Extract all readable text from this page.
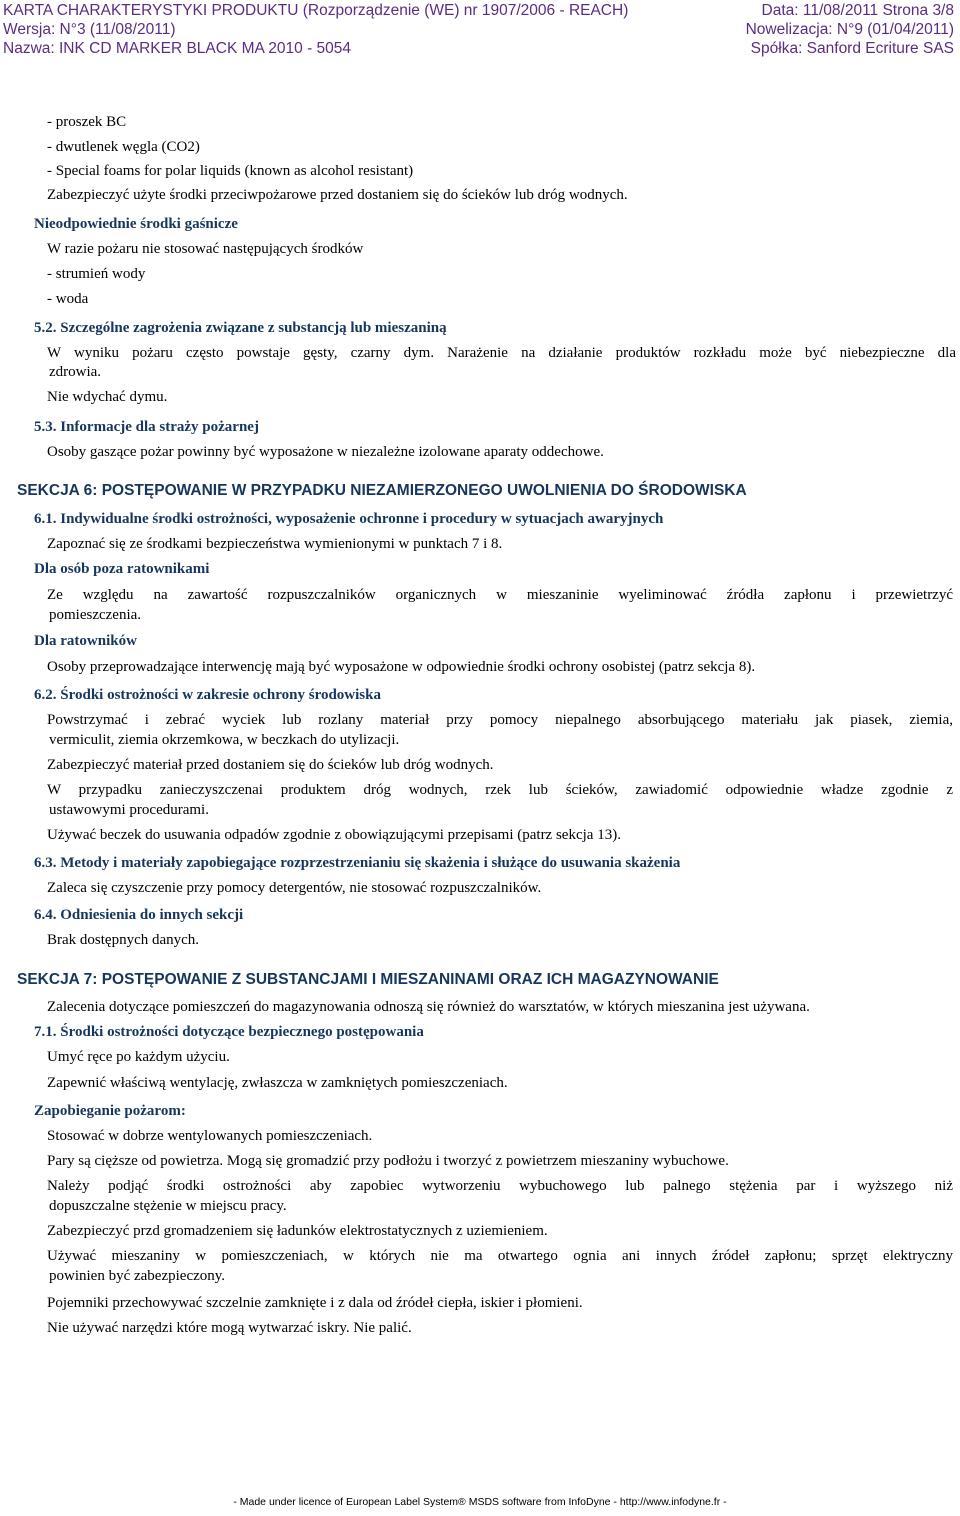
KARTA CHARAKTERYSTYKI PRODUKTU (Rozporządzenie (WE) nr 1907/2006 - REACH)	Data: 11/08/2011 Strona 3/8
Wersja: N°3 (11/08/2011)	Nowelizacja: N°9 (01/04/2011)
Nazwa: INK CD MARKER BLACK MA 2010 - 5054	Spółka: Sanford Ecriture SAS
- proszek BC
- dwutlenek węgla (CO2)
- Special foams for polar liquids (known as alcohol resistant)
Zabezpieczyć użyte środki przeciwpożarowe przed dostaniem się do ścieków lub dróg wodnych.
Nieodpowiednie środki gaśnicze
W razie pożaru nie stosować następujących środków
- strumień wody
- woda
5.2. Szczególne zagrożenia związane z substancją lub mieszaniną
W wyniku pożaru często powstaje gęsty, czarny dym. Narażenie na działanie produktów rozkładu może być niebezpieczne dla
zdrowia.
Nie wdychać dymu.
5.3. Informacje dla straży pożarnej
Osoby gaszące pożar powinny być wyposażone w niezależne izolowane aparaty oddechowe.
SEKCJA 6: POSTĘPOWANIE W PRZYPADKU NIEZAMIERZONEGO UWOLNIENIA DO ŚRODOWISKA
6.1. Indywidualne środki ostrożności, wyposażenie ochronne i procedury w sytuacjach awaryjnych
Zapoznać się ze środkami bezpieczeństwa wymienionymi w punktach 7 i 8.
Dla osób poza ratownikami
Ze względu na zawartość rozpuszczalników organicznych w mieszaninie wyeliminować źródła zapłonu i przewietrzyć
pomieszczenia.
Dla ratowników
Osoby przeprowadzające interwencję mają być wyposażone w odpowiednie środki ochrony osobistej (patrz sekcja 8).
6.2. Środki ostrożności w zakresie ochrony środowiska
Powstrzymać i zebrać wyciek lub rozlany materiał przy pomocy niepalnego absorbującego materiału jak piasek, ziemia,
vermiculit, ziemia okrzemkowa, w beczkach do utylizacji.
Zabezpieczyć materiał przed dostaniem się do ścieków lub dróg wodnych.
W przypadku zanieczyszczenai produktem dróg wodnych, rzek lub ścieków, zawiadomić odpowiednie władze zgodnie z
ustawowymi procedurami.
Używać beczek do usuwania odpadów zgodnie z obowiązującymi przepisami (patrz sekcja 13).
6.3. Metody i materiały zapobiegające rozprzestrzenianiu się skażenia i służące do usuwania skażenia
Zaleca się czyszczenie przy pomocy detergentów, nie stosować rozpuszczalników.
6.4. Odniesienia do innych sekcji
Brak dostępnych danych.
SEKCJA 7: POSTĘPOWANIE Z SUBSTANCJAMI I MIESZANINAMI ORAZ ICH MAGAZYNOWANIE
Zalecenia dotyczące pomieszczeń do magazynowania odnoszą się również do warsztatów, w których mieszanina jest używana.
7.1. Środki ostrożności dotyczące bezpiecznego postępowania
Umyć ręce po każdym użyciu.
Zapewnić właściwą wentylację, zwłaszcza w zamkniętych pomieszczeniach.
Zapobieganie pożarom:
Stosować w dobrze wentylowanych pomieszczeniach.
Pary są cięższe od powietrza. Mogą się gromadzić przy podłożu i tworzyć z powietrzem mieszaniny wybuchowe.
Należy podjąć środki ostrożności aby zapobiec wytworzeniu wybuchowego lub palnego stężenia par i wyższego niż
dopuszczalne stężenie w miejscu pracy.
Zabezpieczyć przd gromadzeniem się ładunków elektrostatycznych z uziemieniem.
Używać mieszaniny w pomieszczeniach, w których nie ma otwartego ognia ani innych źródeł zapłonu; sprzęt elektryczny
powinien być zabezpieczony.
Pojemniki przechowywać szczelnie zamknięte i z dala od źródeł ciepła, iskier i płomieni.
Nie używać narzędzi które mogą wytwarzać iskry. Nie palić.
- Made under licence of European Label System® MSDS software from InfoDyne - http://www.infodyne.fr -
